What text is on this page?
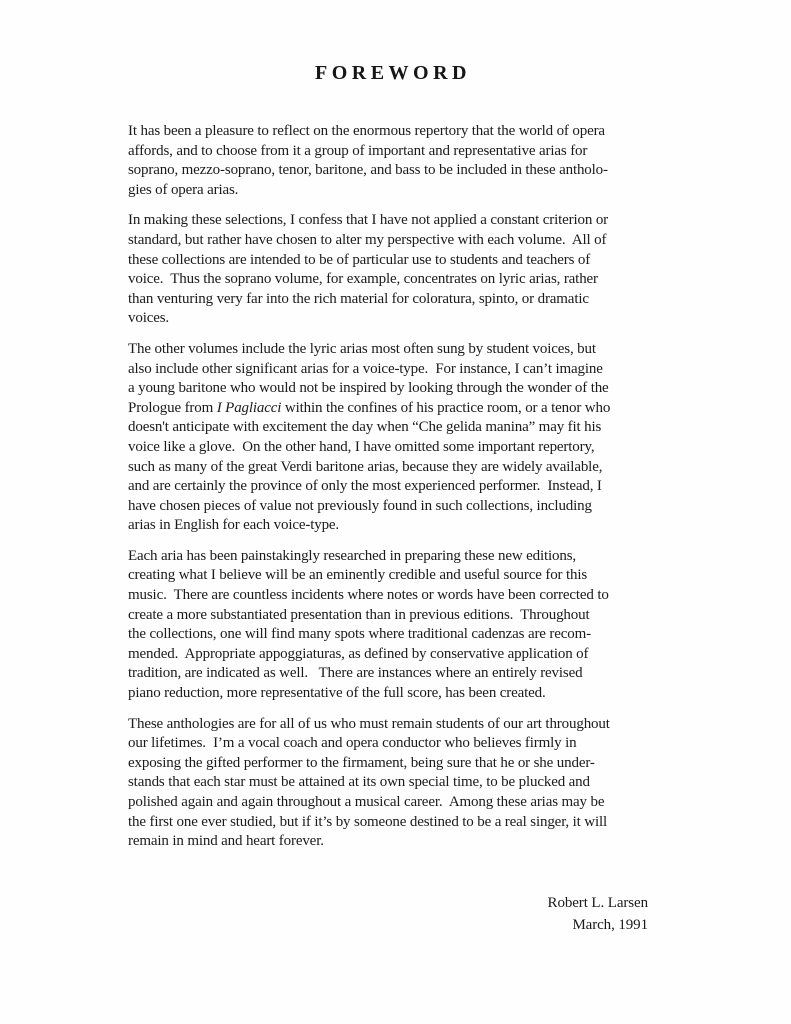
FOREWORD

It has been a pleasure to reflect on the enormous repertory that the world of opera
affords, and to choose from it a group of important and representative arias for
soprano, mezzo-soprano, tenor, baritone, and bass to be included in these antholo-
gies of opera arias.

In making these selections, I confess that I have not applied a constant criterion or
standard, but rather have chosen to alter my perspective with each volume.  All of
these collections are intended to be of particular use to students and teachers of
voice.  Thus the soprano volume, for example, concentrates on lyric arias, rather
than venturing very far into the rich material for coloratura, spinto, or dramatic
voices.

The other volumes include the lyric arias most often sung by student voices, but
also include other significant arias for a voice-type.  For instance, I can’t imagine
a young baritone who would not be inspired by looking through the wonder of the
Prologue from I Pagliacci within the confines of his practice room, or a tenor who
doesn't anticipate with excitement the day when “Che gelida manina” may fit his
voice like a glove.  On the other hand, I have omitted some important repertory,
such as many of the great Verdi baritone arias, because they are widely available,
and are certainly the province of only the most experienced performer.  Instead, I
have chosen pieces of value not previously found in such collections, including
arias in English for each voice-type.

Each aria has been painstakingly researched in preparing these new editions,
creating what I believe will be an eminently credible and useful source for this
music.  There are countless incidents where notes or words have been corrected to
create a more substantiated presentation than in previous editions.  Throughout
the collections, one will find many spots where traditional cadenzas are recom-
mended.  Appropriate appoggiaturas, as defined by conservative application of
tradition, are indicated as well.   There are instances where an entirely revised
piano reduction, more representative of the full score, has been created.

These anthologies are for all of us who must remain students of our art throughout
our lifetimes.  I’m a vocal coach and opera conductor who believes firmly in
exposing the gifted performer to the firmament, being sure that he or she under-
stands that each star must be attained at its own special time, to be plucked and
polished again and again throughout a musical career.  Among these arias may be
the first one ever studied, but if it’s by someone destined to be a real singer, it will
remain in mind and heart forever.

Robert L. Larsen
March, 1991
